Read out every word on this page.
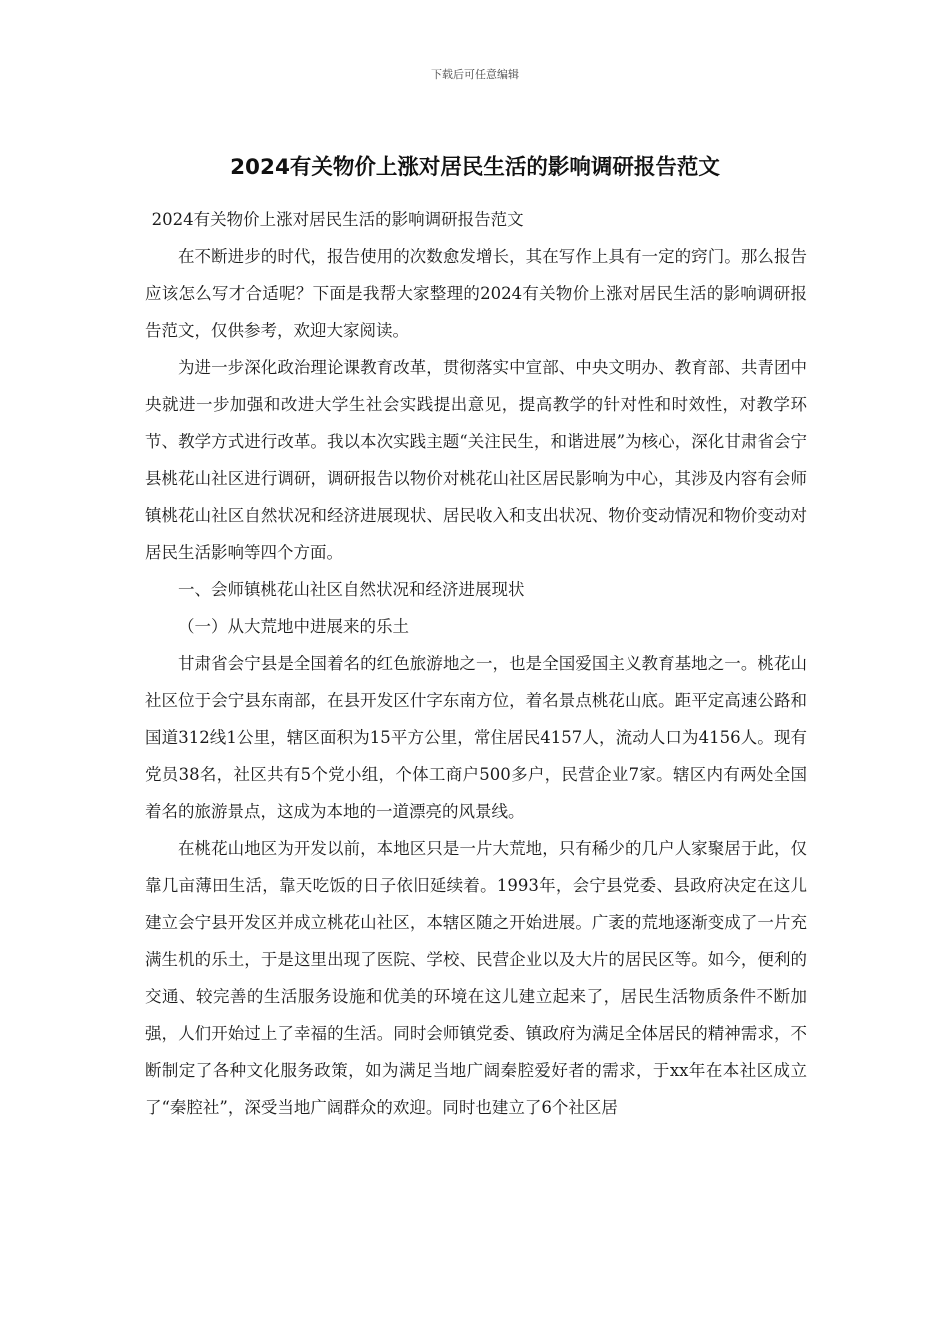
下载后可任意编辑
2024有关物价上涨对居民生活的影响调研报告范文

2024有关物价上涨对居民生活的影响调研报告范文

在不断进步的时代，报告使用的次数愈发增长，其在写作上具有一定的窍门。那么报告应该怎么写才合适呢？下面是我帮大家整理的2024有关物价上涨对居民生活的影响调研报告范文，仅供参考，欢迎大家阅读。

为进一步深化政治理论课教育改革，贯彻落实中宣部、中央文明办、教育部、共青团中央就进一步加强和改进大学生社会实践提出意见，提高教学的针对性和时效性，对教学环节、教学方式进行改革。我以本次实践主题“关注民生，和谐进展”为核心，深化甘肃省会宁县桃花山社区进行调研，调研报告以物价对桃花山社区居民影响为中心，其涉及内容有会师镇桃花山社区自然状况和经济进展现状、居民收入和支出状况、物价变动情况和物价变动对居民生活影响等四个方面。

一、会师镇桃花山社区自然状况和经济进展现状

（一）从大荒地中进展来的乐土

甘肃省会宁县是全国着名的红色旅游地之一，也是全国爱国主义教育基地之一。桃花山社区位于会宁县东南部，在县开发区什字东南方位，着名景点桃花山底。距平定高速公路和国道312线1公里，辖区面积为15平方公里，常住居民4157人，流动人口为4156人。现有党员38名，社区共有5个党小组，个体工商户500多户，民营企业7家。辖区内有两处全国着名的旅游景点，这成为本地的一道漂亮的风景线。

在桃花山地区为开发以前，本地区只是一片大荒地，只有稀少的几户人家聚居于此，仅靠几亩薄田生活，靠天吃饭的日子依旧延续着。1993年，会宁县党委、县政府决定在这儿建立会宁县开发区并成立桃花山社区，本辖区随之开始进展。广袤的荒地逐渐变成了一片充满生机的乐土，于是这里出现了医院、学校、民营企业以及大片的居民区等。如今，便利的交通、较完善的生活服务设施和优美的环境在这儿建立起来了，居民生活物质条件不断加强，人们开始过上了幸福的生活。同时会师镇党委、镇政府为满足全体居民的精神需求，不断制定了各种文化服务政策，如为满足当地广阔秦腔爱好者的需求，于xx年在本社区成立了“秦腔社”，深受当地广阔群众的欢迎。同时也建立了6个社区居
